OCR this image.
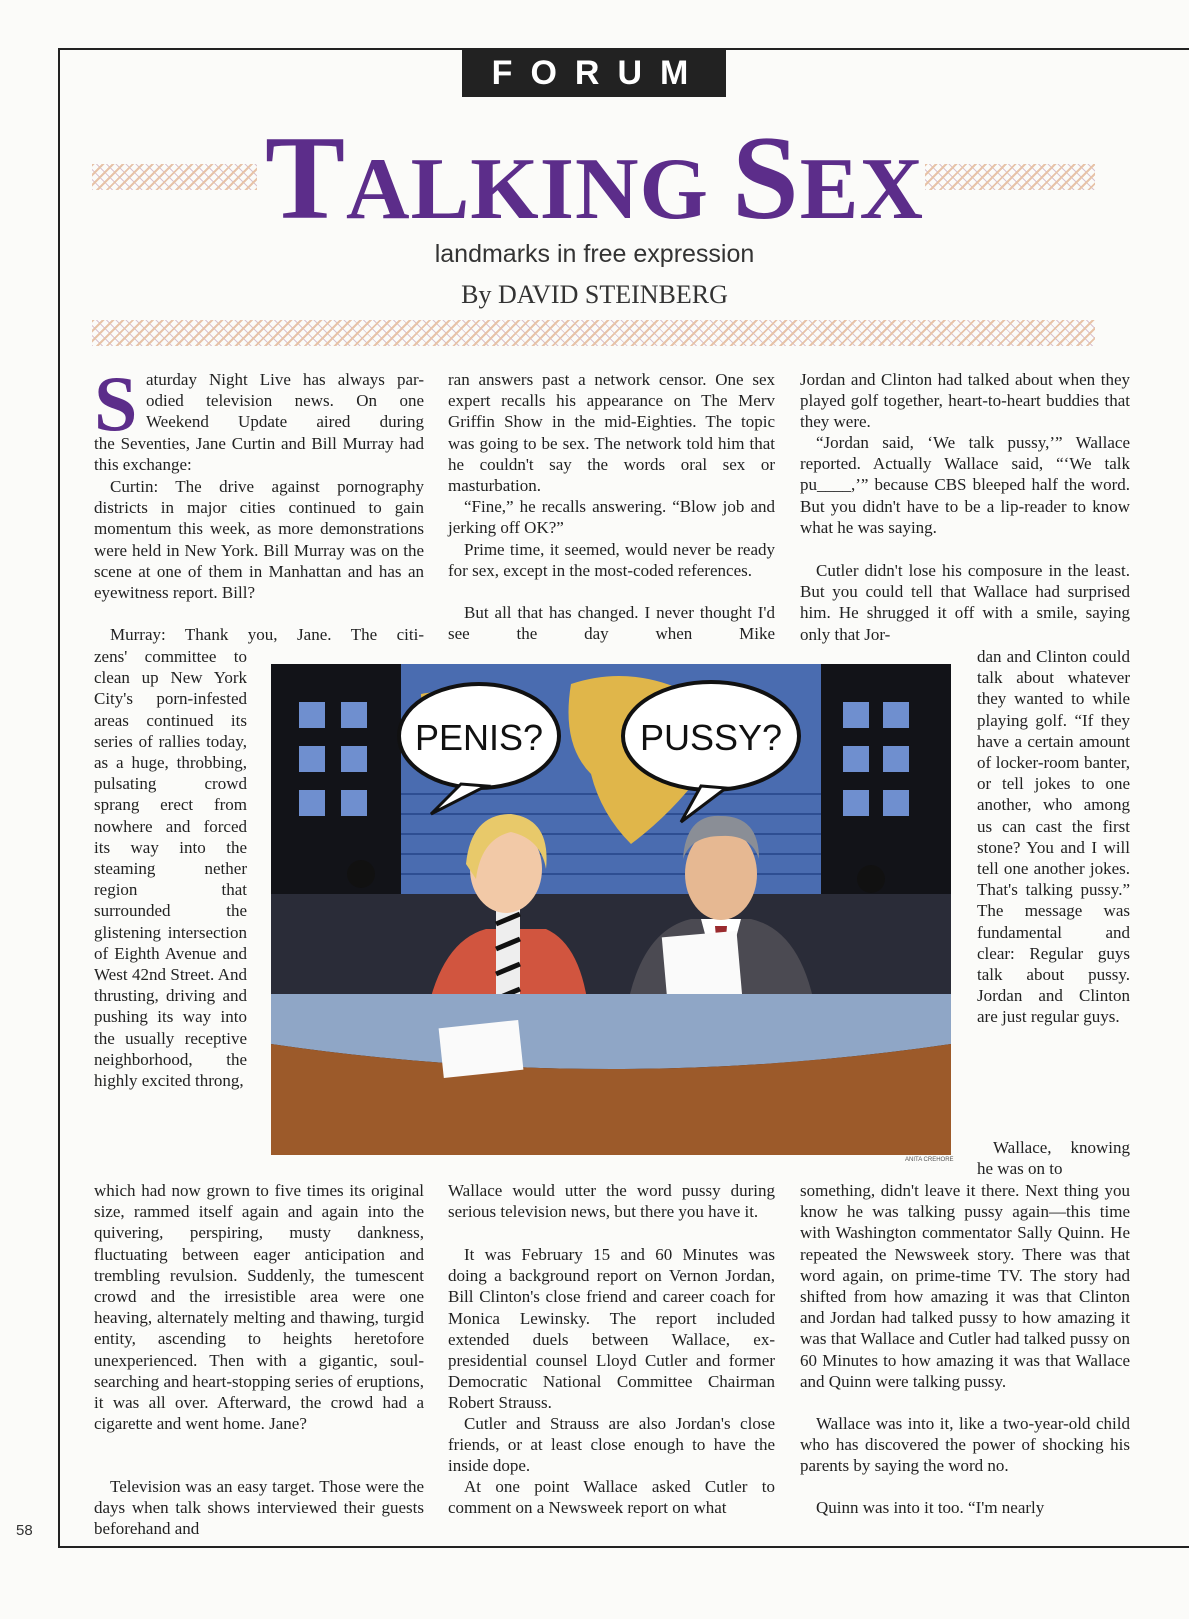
FORUM
TALKING SEX
landmarks in free expression
By DAVID STEINBERG
S aturday Night Live has always par-
odied television news. On one
Weekend Update aired during

the Seventies, Jane Curtin and Bill Murray had this exchange:

Curtin: The drive against pornography districts in major cities continued to gain momentum this week, as more demonstrations were held in New York. Bill Murray was on the scene at one of them in Manhattan and has an eyewitness report. Bill?

Murray: Thank you, Jane. The citi-

zens' committee to clean up New York City's porn-infested areas continued its series of rallies today, as a huge, throbbing, pulsating crowd sprang erect from nowhere and forced its way into the steaming nether region that surrounded the glistening intersection of Eighth Avenue and West 42nd Street. And thrusting, driving and pushing its way into the usually receptive neighborhood, the highly excited throng,

which had now grown to five times its original size, rammed itself again and again into the quivering, perspiring, musty dankness, fluctuating between eager anticipation and trembling revulsion. Suddenly, the tumescent crowd and the irresistible area were one heaving, alternately melting and thawing, turgid entity, ascending to heights heretofore unexperienced. Then with a gigantic, soul-searching and heart-stopping series of eruptions, it was all over. Afterward, the crowd had a cigarette and went home. Jane?

Television was an easy target. Those were the days when talk shows interviewed their guests beforehand and

ran answers past a network censor. One sex expert recalls his appearance on The Merv Griffin Show in the mid-Eighties. The topic was going to be sex. The network told him that he couldn't say the words oral sex or masturbation.

“Fine,” he recalls answering. “Blow job and jerking off OK?”

Prime time, it seemed, would never be ready for sex, except in the most-coded references.

But all that has changed. I never thought I'd see the day when Mike

Wallace would utter the word pussy during serious television news, but there you have it.

It was February 15 and 60 Minutes was doing a background report on Vernon Jordan, Bill Clinton's close friend and career coach for Monica Lewinsky. The report included extended duels between Wallace, ex-presidential counsel Lloyd Cutler and former Democratic National Committee Chairman Robert Strauss.

Cutler and Strauss are also Jordan's close friends, or at least close enough to have the inside dope.

At one point Wallace asked Cutler to comment on a Newsweek report on what

Jordan and Clinton had talked about when they played golf together, heart-to-heart buddies that they were.

“Jordan said, ‘We talk pussy,’” Wallace reported. Actually Wallace said, “‘We talk pu____,’” because CBS bleeped half the word. But you didn't have to be a lip-reader to know what he was saying.

Cutler didn't lose his composure in the least. But you could tell that Wallace had surprised him. He shrugged it off with a smile, saying only that Jor-

dan and Clinton could talk about whatever they wanted to while playing golf. “If they have a certain amount of locker-room banter, or tell jokes to one another, who among us can cast the first stone? You and I will tell one another jokes. That's talking pussy.” The message was fundamental and clear: Regular guys talk about pussy. Jordan and Clinton are just regular guys.

Wallace, knowing he was on to

something, didn't leave it there. Next thing you know he was talking pussy again—this time with Washington commentator Sally Quinn. He repeated the Newsweek story. There was that word again, on prime-time TV. The story had shifted from how amazing it was that Clinton and Jordan had talked pussy to how amazing it was that Wallace and Cutler had talked pussy on 60 Minutes to how amazing it was that Wallace and Quinn were talking pussy.

Wallace was into it, like a two-year-old child who has discovered the power of shocking his parents by saying the word no.

Quinn was into it too. “I'm nearly

PENIS?	PUSSY?
ANITA CREHORE
58
